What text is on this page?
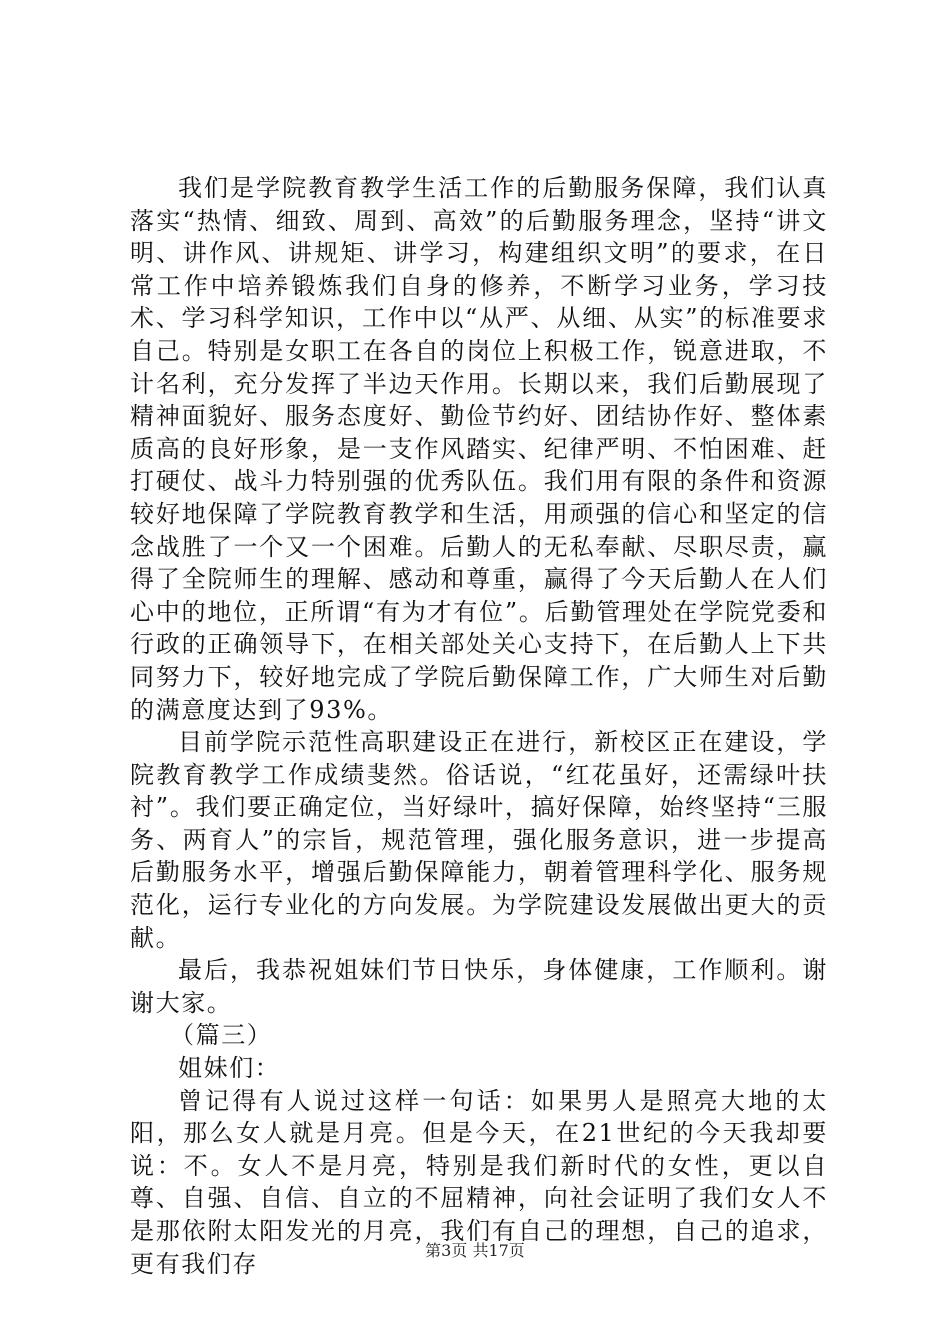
我们是学院教育教学生活工作的后勤服务保障，我们认真落实“热情、细致、周到、高效”的后勤服务理念，坚持“讲文明、讲作风、讲规矩、讲学习，构建组织文明”的要求，在日常工作中培养锻炼我们自身的修养，不断学习业务，学习技术、学习科学知识，工作中以“从严、从细、从实”的标准要求自己。特别是女职工在各自的岗位上积极工作，锐意进取，不计名利，充分发挥了半边天作用。长期以来，我们后勤展现了精神面貌好、服务态度好、勤俭节约好、团结协作好、整体素质高的良好形象，是一支作风踏实、纪律严明、不怕困难、赶打硬仗、战斗力特别强的优秀队伍。我们用有限的条件和资源较好地保障了学院教育教学和生活，用顽强的信心和坚定的信念战胜了一个又一个困难。后勤人的无私奉献、尽职尽责，赢得了全院师生的理解、感动和尊重，赢得了今天后勤人在人们心中的地位，正所谓“有为才有位”。后勤管理处在学院党委和行政的正确领导下，在相关部处关心支持下，在后勤人上下共同努力下，较好地完成了学院后勤保障工作，广大师生对后勤的满意度达到了93%。

目前学院示范性高职建设正在进行，新校区正在建设，学院教育教学工作成绩斐然。俗话说，“红花虽好，还需绿叶扶衬”。我们要正确定位，当好绿叶，搞好保障，始终坚持“三服务、两育人”的宗旨，规范管理，强化服务意识，进一步提高后勤服务水平，增强后勤保障能力，朝着管理科学化、服务规范化，运行专业化的方向发展。为学院建设发展做出更大的贡献。

最后，我恭祝姐妹们节日快乐，身体健康，工作顺利。谢谢大家。

（篇三）

姐妹们：

曾记得有人说过这样一句话：如果男人是照亮大地的太阳，那么女人就是月亮。但是今天，在21世纪的今天我却要说：不。女人不是月亮，特别是我们新时代的女性，更以自尊、自强、自信、自立的不屈精神，向社会证明了我们女人不是那依附太阳发光的月亮，我们有自己的理想，自己的追求，更有我们存	第3页 共17页
